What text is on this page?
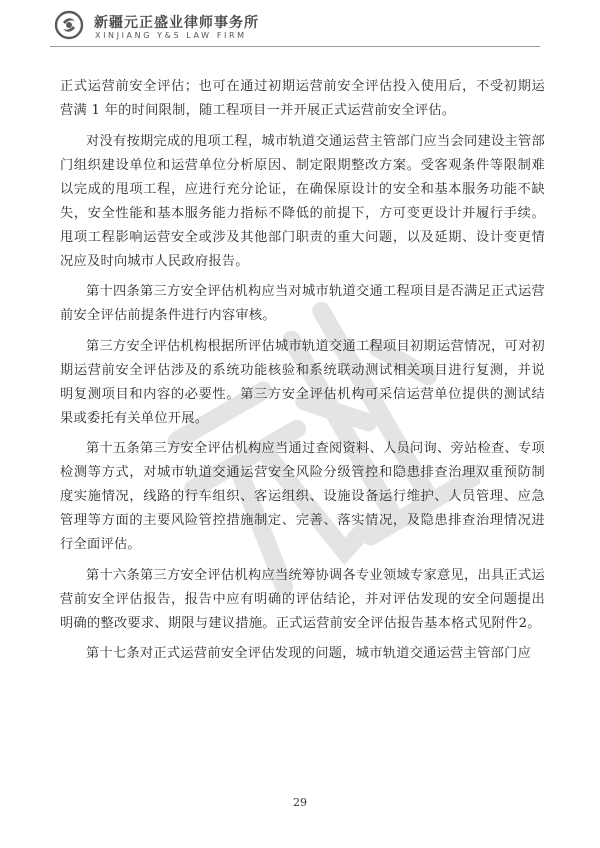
新疆元正盛业律师事务所
XINJIANG Y&S LAW FIRM

正式运营前安全评估；也可在通过初期运营前安全评估投入使用后，不受初期运营满 1 年的时间限制，随工程项目一并开展正式运营前安全评估。

对没有按期完成的甩项工程，城市轨道交通运营主管部门应当会同建设主管部门组织建设单位和运营单位分析原因、制定限期整改方案。受客观条件等限制难以完成的甩项工程，应进行充分论证，在确保原设计的安全和基本服务功能不缺失，安全性能和基本服务能力指标不降低的前提下，方可变更设计并履行手续。甩项工程影响运营安全或涉及其他部门职责的重大问题，以及延期、设计变更情况应及时向城市人民政府报告。

第十四条第三方安全评估机构应当对城市轨道交通工程项目是否满足正式运营前安全评估前提条件进行内容审核。

第三方安全评估机构根据所评估城市轨道交通工程项目初期运营情况，可对初期运营前安全评估涉及的系统功能核验和系统联动测试相关项目进行复测，并说明复测项目和内容的必要性。第三方安全评估机构可采信运营单位提供的测试结果或委托有关单位开展。

第十五条第三方安全评估机构应当通过查阅资料、人员问询、旁站检查、专项检测等方式，对城市轨道交通运营安全风险分级管控和隐患排查治理双重预防制度实施情况，线路的行车组织、客运组织、设施设备运行维护、人员管理、应急管理等方面的主要风险管控措施制定、完善、落实情况，及隐患排查治理情况进行全面评估。

第十六条第三方安全评估机构应当统筹协调各专业领域专家意见，出具正式运营前安全评估报告，报告中应有明确的评估结论，并对评估发现的安全问题提出明确的整改要求、期限与建议措施。正式运营前安全评估报告基本格式见附件2。

第十七条对正式运营前安全评估发现的问题，城市轨道交通运营主管部门应

29
